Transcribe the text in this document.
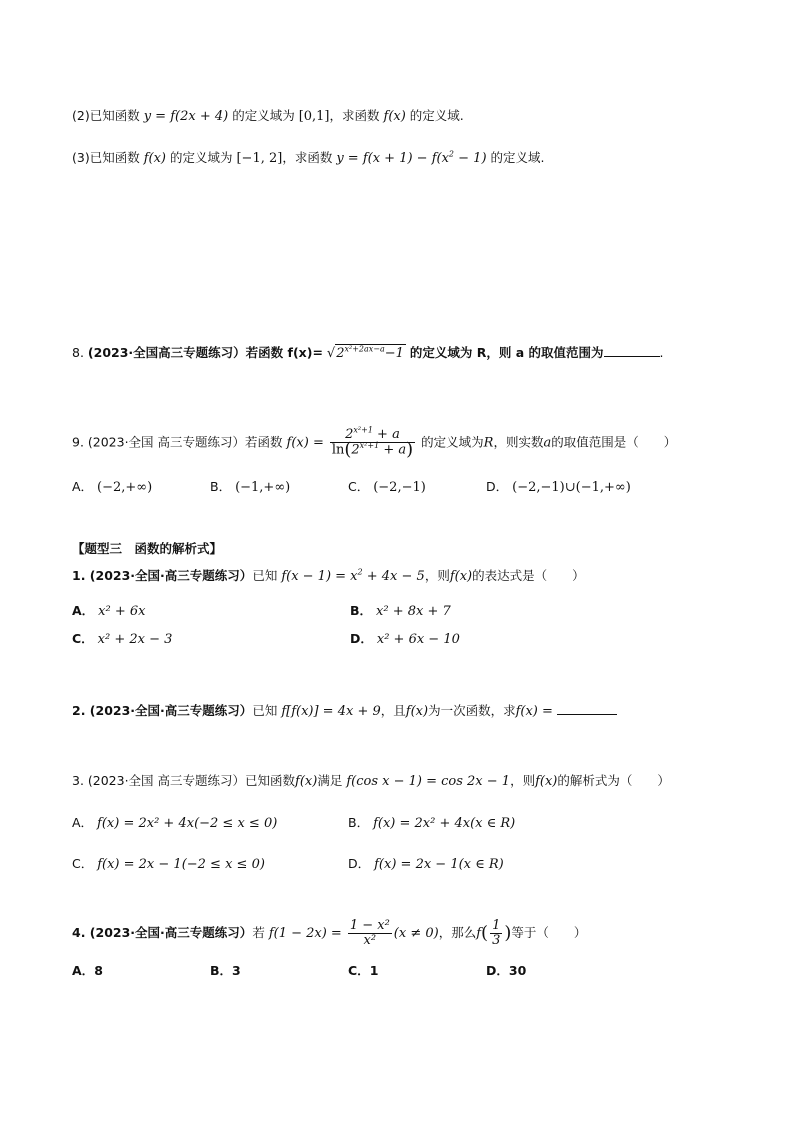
(2)已知函数 y = f(2x + 4) 的定义域为 [0,1]，求函数 f(x) 的定义域.
(3)已知函数 f(x) 的定义域为 [−1, 2]，求函数 $y = f(x + 1) - f(x^2 - 1)$ 的定义域.
8. (2023·全国高三专题练习）若函数 $f(x)= √2^{x^2+2ax-a}-1$ 的定义域为 R，则 a 的取值范围为	.
9. (2023·全国 高三专题练习）若函数 $f(x) = \frac{2^{x^2+1} + a}{\ln(2^{x^2+1} + a)}$ 的定义域为R，则实数a的取值范围是（　　）
A． (−2,+∞)	B． (−1,+∞)	C． (−2,−1)	D． (−2,−1)∪(−1,+∞)
【题型三　函数的解析式】
1. (2023·全国·高三专题练习）已知 $f(x - 1) = x^2 + 4x - 5$，则f(x)的表达式是（　　）
A． x² + 6x	B． x² + 8x + 7
C． x² + 2x − 3	D． x² + 6x − 10
2. (2023·全国·高三专题练习）已知 f[f(x)] = 4x + 9，且f(x)为一次函数，求f(x) =
3. (2023·全国 高三专题练习）已知函数f(x)满足 f(cos x − 1) = cos 2x − 1，则f(x)的解析式为（　　）
A． f(x) = 2x² + 4x(−2 ≤ x ≤ 0)	B． f(x) = 2x² + 4x(x ∈ R)
C． f(x) = 2x − 1(−2 ≤ x ≤ 0)	D． f(x) = 2x − 1(x ∈ R)
4. (2023·全国·高三专题练习）若 $f(1 - 2x) = \frac{\text{1 − x²}}{\text{x²}} (x \ne 0)$，那么$f( \frac{1}{3}$ )等于（　　）
A．8	B．3	C．1	D．30
